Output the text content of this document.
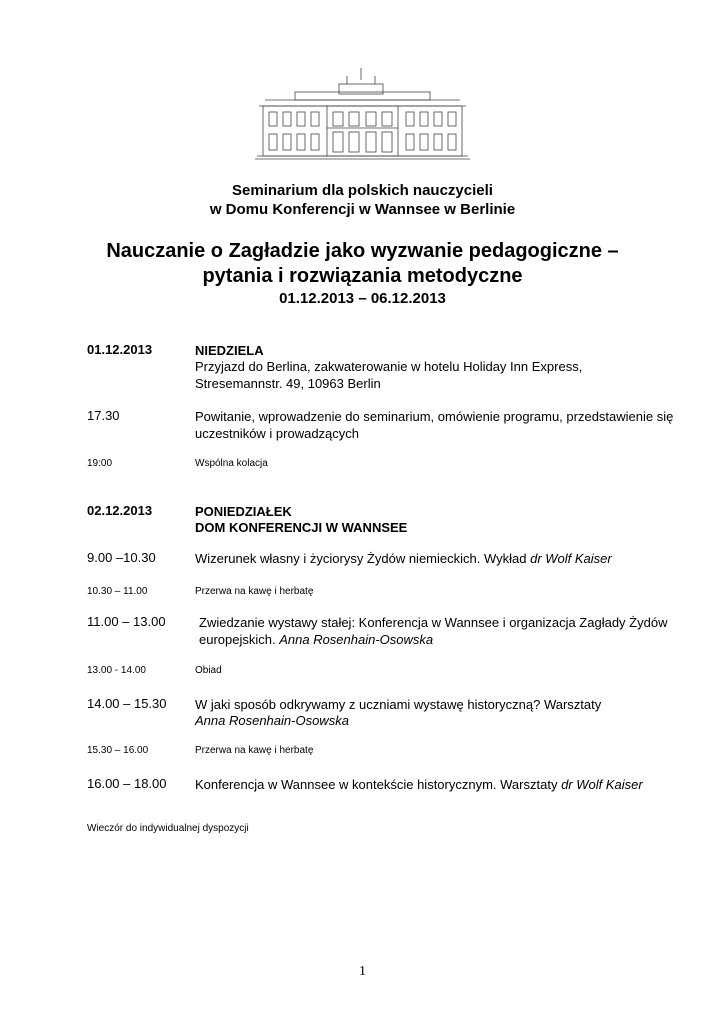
Seminarium dla polskich nauczycieli
w Domu Konferencji w Wannsee w Berlinie
Nauczanie o Zagładzie jako wyzwanie pedagogiczne –
pytania i rozwiązania metodyczne
01.12.2013 – 06.12.2013
01.12.2013	NIEDZIELA
Przyjazd do Berlina, zakwaterowanie w hotelu Holiday Inn Express,
Stresemannstr. 49, 10963 Berlin
17.30	Powitanie, wprowadzenie do seminarium, omówienie programu, przedstawienie się
uczestników i prowadzących
19:00	Wspólna kolacja
02.12.2013	PONIEDZIAŁEK
DOM KONFERENCJI W WANNSEE
9.00 –10.30	Wizerunek własny i życiorysy Żydów niemieckich. Wykład dr Wolf Kaiser
10.30 – 11.00	Przerwa na kawę i herbatę
11.00 – 13.00	Zwiedzanie wystawy stałej: Konferencja w Wannsee i organizacja Zagłady Żydów
europejskich. Anna Rosenhain-Osowska
13.00 - 14.00	Obiad
14.00 – 15.30 W jaki sposób odkrywamy z uczniami wystawę historyczną? Warsztaty
Anna Rosenhain-Osowska
15.30 – 16.00	Przerwa na kawę i herbatę
16.00 – 18.00 Konferencja w Wannsee w kontekście historycznym. Warsztaty dr Wolf Kaiser
Wieczór do indywidualnej dyspozycji
1
